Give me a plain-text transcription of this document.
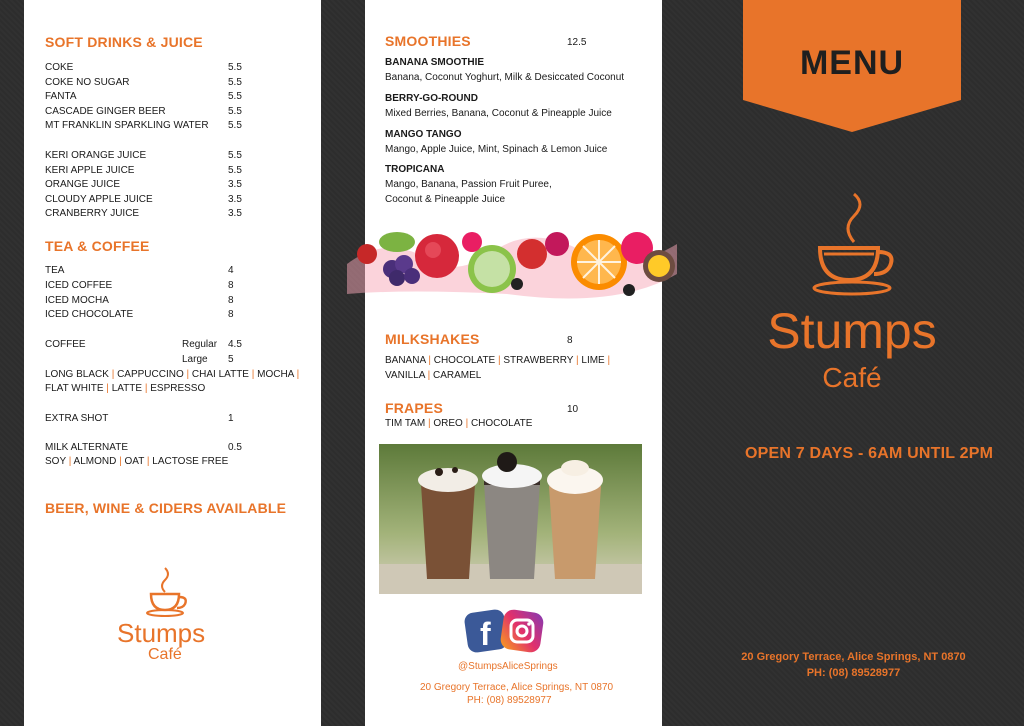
SOFT DRINKS & JUICE
COKE	5.5
COKE NO SUGAR	5.5
FANTA	5.5
CASCADE GINGER BEER	5.5
MT FRANKLIN SPARKLING WATER 5.5
KERI ORANGE JUICE	5.5
KERI APPLE JUICE	5.5
ORANGE JUICE	3.5
CLOUDY APPLE JUICE	3.5
CRANBERRY JUICE	3.5
TEA & COFFEE
TEA	4
ICED COFFEE	8
ICED MOCHA	8
ICED CHOCOLATE	8
COFFEE	Regular 4.5
Large 5
LONG BLACK | CAPPUCCINO | CHAI LATTE | MOCHA |
FLAT WHITE | LATTE | ESPRESSO
EXTRA SHOT	1
MILK ALTERNATE	0.5
SOY | ALMOND | OAT | LACTOSE FREE
BEER, WINE & CIDERS AVAILABLE
Stumps
Café
SMOOTHIES	12.5
BANANA SMOOTHIE
Banana, Coconut Yoghurt, Milk & Desiccated Coconut
BERRY-GO-ROUND
Mixed Berries, Banana, Coconut & Pineapple Juice
MANGO TANGO
Mango, Apple Juice, Mint, Spinach & Lemon Juice
TROPICANA
Mango, Banana, Passion Fruit Puree,
Coconut & Pineapple Juice
MILKSHAKES	8
BANANA | CHOCOLATE | STRAWBERRY | LIME |
VANILLA | CARAMEL
FRAPES	10
TIM TAM | OREO | CHOCOLATE
f
@StumpsAliceSprings
20 Gregory Terrace, Alice Springs, NT 0870
PH: (08) 89528977
MENU
Stumps
Café
OPEN 7 DAYS - 6AM UNTIL 2PM
20 Gregory Terrace, Alice Springs, NT 0870
PH: (08) 89528977
